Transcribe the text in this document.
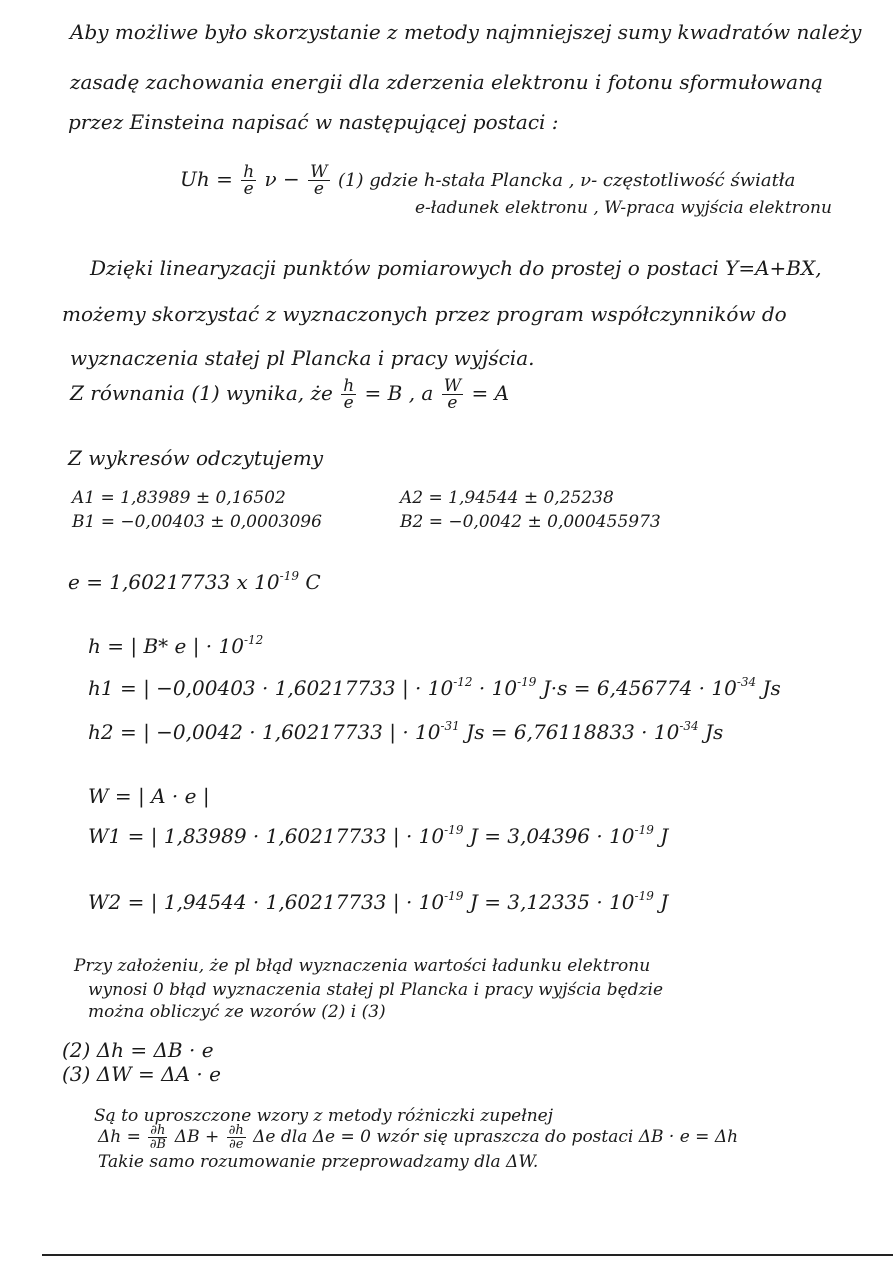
Aby możliwe było skorzystanie z metody najmniejszej sumy kwadratów należy
zasadę zachowania energii dla zderzenia elektronu i fotonu sformułowaną
przez Einsteina napisać w następującej postaci :
$Uh = \frac{h}{e}$ $\nu - \frac{W}{e} (1)$ gdzie h-stała Plancka , ν- częstotliwość światła
e-ładunek elektronu , W-praca wyjścia elektronu
Dzięki linearyzacji punktów pomiarowych do prostej o postaci Y=A+BX,
możemy skorzystać z wyznaczonych przez program współczynników do
wyznaczenia stałej pl Plancka i pracy wyjścia.
Z równania (1) wynika, że $\frac{h}{e} = B$ , a $\frac{W}{e} = A$
Z wykresów odczytujemy
A1 = 1,83989 ± 0,16502
B1 = −0,00403 ± 0,0003096
A2 = 1,94544 ± 0,25238
B2 = −0,0042 ± 0,000455973
e = 1,60217733 x $10^{-19}$ C
h = | B* e | · $10^{-12}$
h1 = | −0,00403 · 1,60217733 | · $10^{-12} \cdot 10^{-19}$ $J\cdot s = 6,456774 \cdot 10^{-34}$ Js
h2 = | −0,0042 · 1,60217733 | · $10^{-31}$ $Js = 6,76118833 \cdot 10^{-34}$ Js
W = | A · e |
W1 = | 1,83989 · 1,60217733 | · $10^{-19}$ $J = 3,04396 \cdot 10^{-19}$ J
W2 = | 1,94544 · 1,60217733 | · $10^{-19}$ $J = 3,12335 \cdot 10^{-19}$ J
Przy założeniu, że pl błąd wyznaczenia wartości ładunku elektronu
wynosi 0 błąd wyznaczenia stałej pl Plancka i pracy wyjścia będzie
można obliczyć ze wzorów (2) i (3)
(2) Δh = ΔB · e
(3) ΔW = ΔA · e
Są to uproszczone wzory z metody różniczki zupełnej
$\Delta h = \frac{\partial h}{\partial B}$ $\Delta B + \frac{\partial h}{\partial e}$ Δe dla Δe = 0 wzór się upraszcza do postaci ΔB · e = Δh
Takie samo rozumowanie przeprowadzamy dla ΔW.
